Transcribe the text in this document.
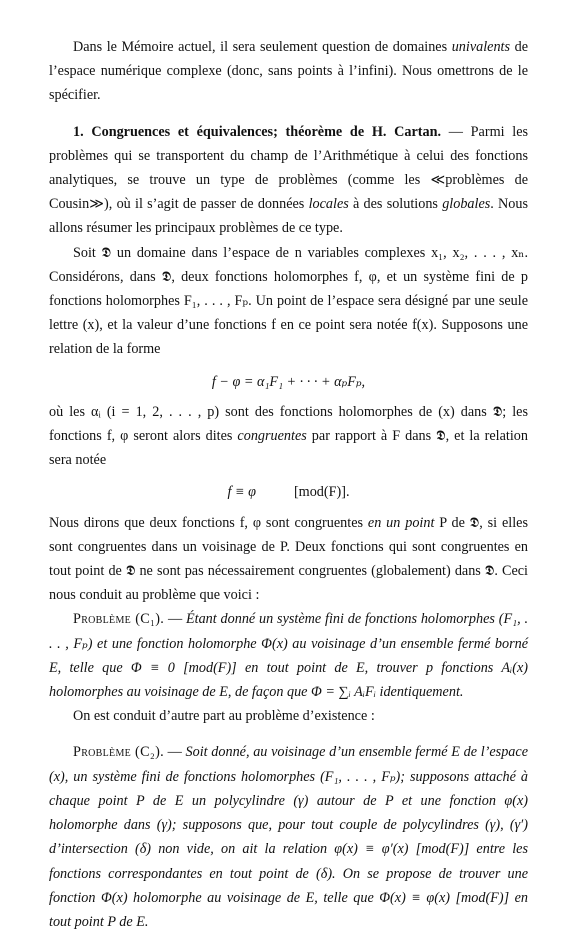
Dans le Mémoire actuel, il sera seulement question de domaines univalents de l’espace numérique complexe (donc, sans points à l’infini). Nous omettrons de le spécifier.

1. Congruences et équivalences; théorème de H. Cartan. — Parmi les problèmes qui se transportent du champ de l’Arithmétique à celui des fonctions analytiques, se trouve un type de problèmes (comme les ≪problèmes de Cousin≫), où il s’agit de passer de données locales à des solutions globales. Nous allons résumer les principaux problèmes de ce type.

Soit 𝕯 un domaine dans l’espace de n variables complexes x₁, x₂, . . . , xₙ. Considérons, dans 𝕯, deux fonctions holomorphes f, φ, et un système fini de p fonctions holomorphes F₁, . . . , Fₚ. Un point de l’espace sera désigné par une seule lettre (x), et la valeur d’une fonctions f en ce point sera notée f(x). Supposons une relation de la forme

f − φ = α₁F₁ + · · · + αₚFₚ,

où les αᵢ (i = 1, 2, . . . , p) sont des fonctions holomorphes de (x) dans 𝕯; les fonctions f, φ seront alors dites congruentes par rapport à F dans 𝕯, et la relation sera notée

f ≡ φ	[mod(F)].

Nous dirons que deux fonctions f, φ sont congruentes en un point P de 𝕯, si elles sont congruentes dans un voisinage de P. Deux fonctions qui sont congruentes en tout point de 𝕯 ne sont pas nécessairement congruentes (globalement) dans 𝕯. Ceci nous conduit au problème que voici :

Problème (C₁). — Étant donné un système fini de fonctions holomorphes (F₁, . . . , Fₚ) et une fonction holomorphe Φ(x) au voisinage d’un ensemble fermé borné E, telle que Φ ≡ 0 [mod(F)] en tout point de E, trouver p fonctions Aᵢ(x) holomorphes au voisinage de E, de façon que Φ = ∑ᵢ AᵢFᵢ identiquement.

On est conduit d’autre part au problème d’existence :

Problème (C₂). — Soit donné, au voisinage d’un ensemble fermé E de l’espace (x), un système fini de fonctions holomorphes (F₁, . . . , Fₚ); supposons attaché à chaque point P de E un polycylindre (γ) autour de P et une fonction φ(x) holomorphe dans (γ); supposons que, pour tout couple de polycylindres (γ), (γ′) d’intersection (δ) non vide, on ait la relation φ(x) ≡ φ′(x) [mod(F)] entre les fonctions correspondantes en tout point de (δ). On se propose de trouver une fonction Φ(x) holomorphe au voisinage de E, telle que Φ(x) ≡ φ(x) [mod(F)] en tout point P de E.
